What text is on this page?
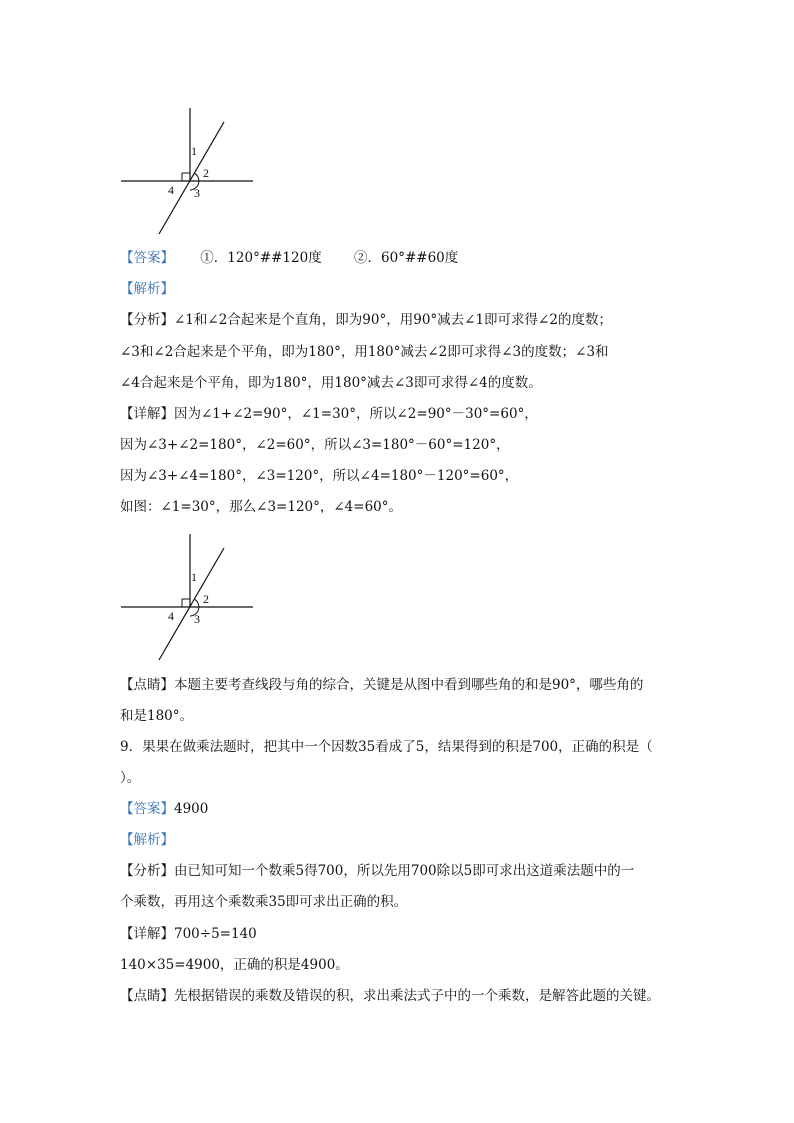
1
2
3
4
【答案】 ①．120°##120度 ②．60°##60度
【解析】
【分析】∠1和∠2合起来是个直角，即为90°，用90°减去∠1即可求得∠2的度数；
∠3和∠2合起来是个平角，即为180°，用180°减去∠2即可求得∠3的度数；∠3和
∠4合起来是个平角，即为180°，用180°减去∠3即可求得∠4的度数。
【详解】因为∠1+∠2=90°，∠1=30°，所以∠2=90°－30°=60°，
因为∠3+∠2=180°，∠2=60°，所以∠3=180°－60°=120°，
因为∠3+∠4=180°，∠3=120°，所以∠4=180°－120°=60°，
如图：∠1=30°，那么∠3=120°，∠4=60°。
1
2
3
4
【点睛】本题主要考查线段与角的综合，关键是从图中看到哪些角的和是90°，哪些角的
和是180°。
9．果果在做乘法题时，把其中一个因数35看成了5，结果得到的积是700，正确的积是（
）。
【答案】4900
【解析】
【分析】由已知可知一个数乘5得700，所以先用700除以5即可求出这道乘法题中的一
个乘数，再用这个乘数乘35即可求出正确的积。
【详解】700÷5=140
140×35=4900，正确的积是4900。
【点睛】先根据错误的乘数及错误的积，求出乘法式子中的一个乘数，是解答此题的关键。
